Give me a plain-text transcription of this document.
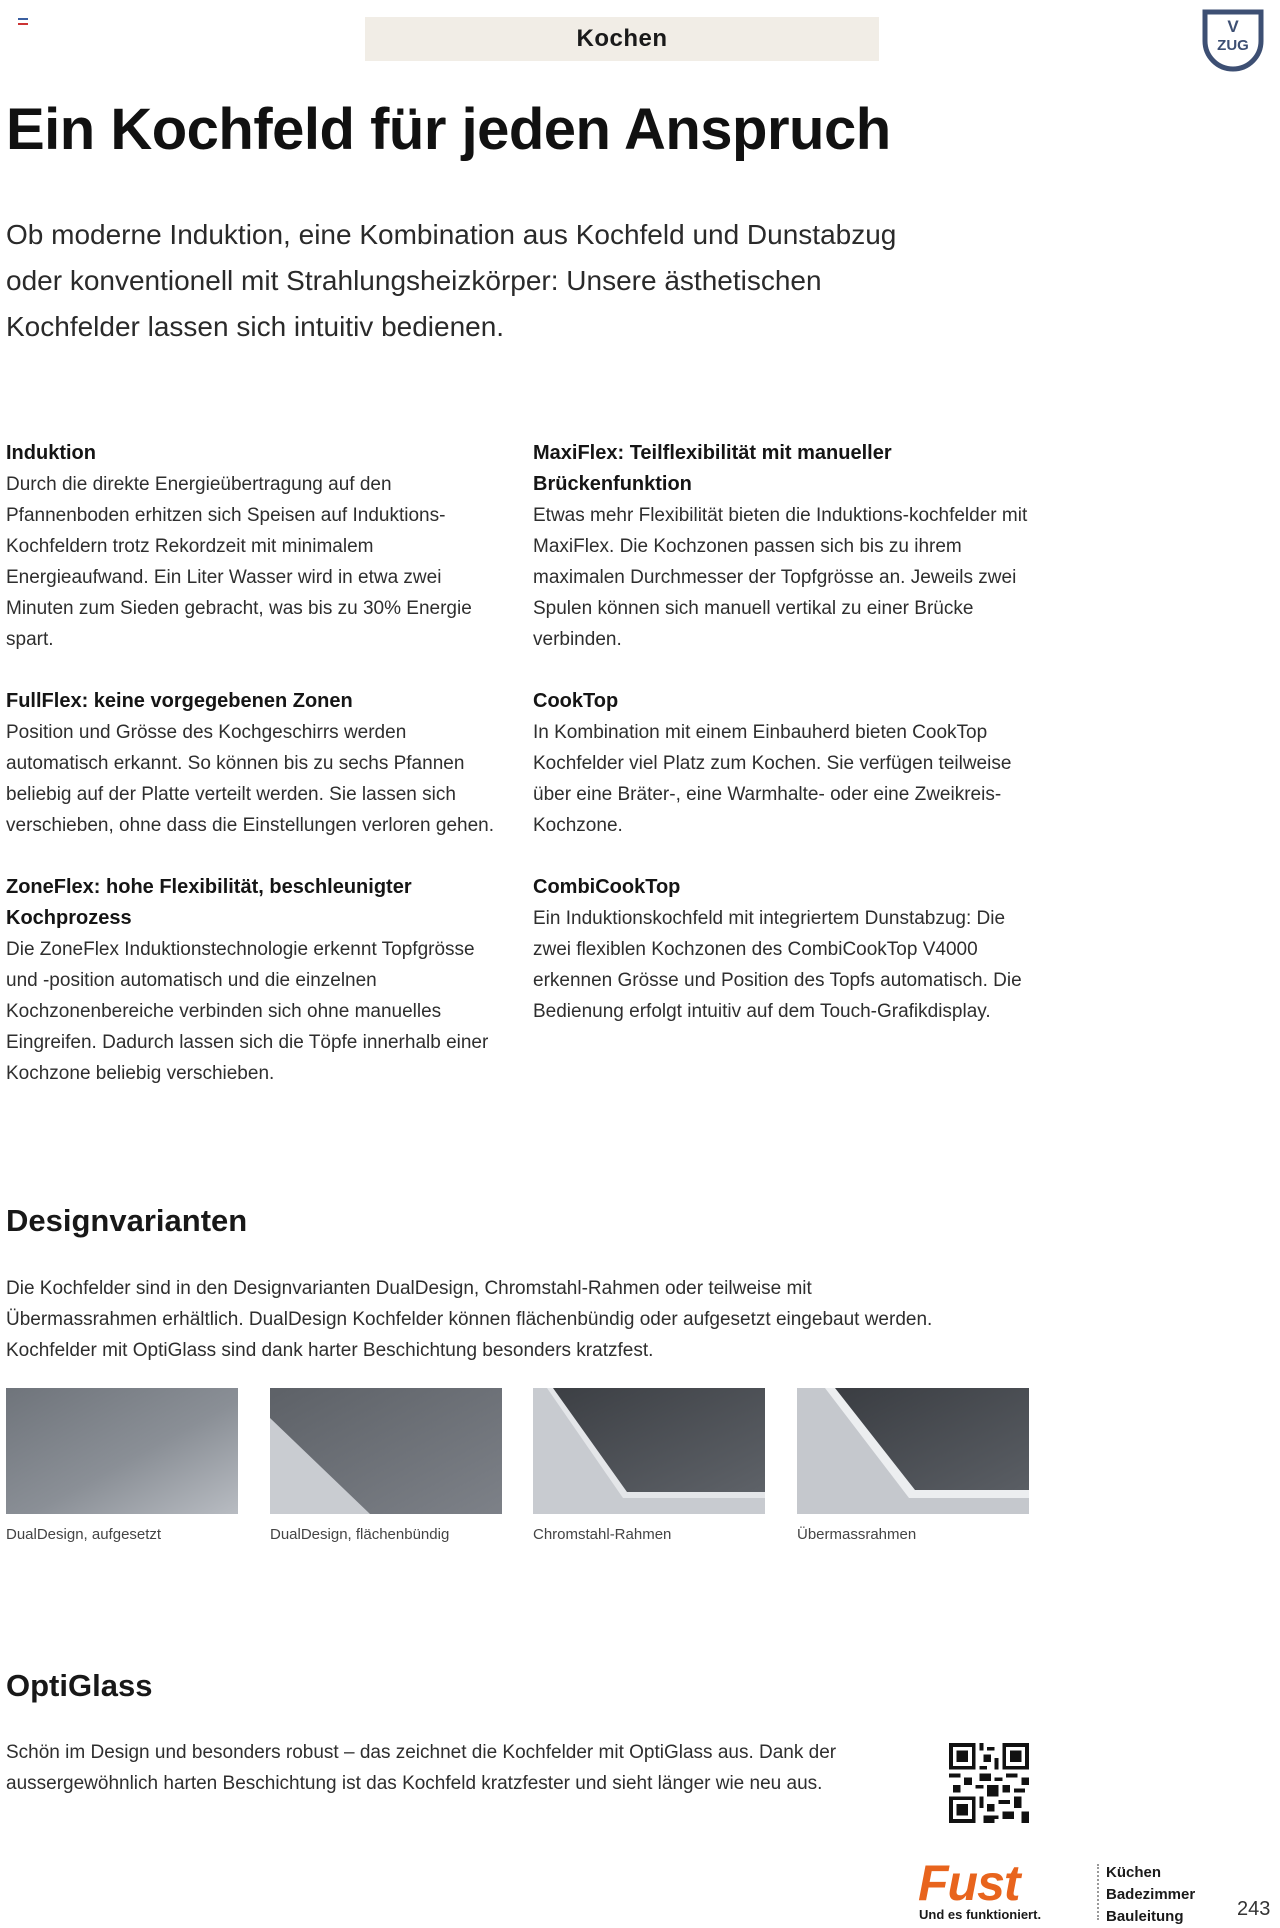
Kochen	V
ZUG
Ein Kochfeld für jeden Anspruch

Ob moderne Induktion, eine Kombination aus Kochfeld und Dunstabzug oder konventionell mit Strahlungsheizkörper: Unsere ästhetischen Kochfelder lassen sich intuitiv bedienen.

Induktion

Durch die direkte Energieübertragung auf den Pfannenboden erhitzen sich Speisen auf Induktions-Kochfeldern trotz Rekordzeit mit minimalem Energieaufwand. Ein Liter Wasser wird in etwa zwei Minuten zum Sieden gebracht, was bis zu 30% Energie spart.

FullFlex: keine vorgegebenen Zonen

Position und Grösse des Kochgeschirrs werden automatisch erkannt. So können bis zu sechs Pfannen beliebig auf der Platte verteilt werden. Sie lassen sich verschieben, ohne dass die Einstellungen verloren gehen.

ZoneFlex: hohe Flexibilität, beschleunigter Kochprozess

Die ZoneFlex Induktionstechnologie erkennt Topfgrösse und -position automatisch und die einzelnen Kochzonenbereiche verbinden sich ohne manuelles Eingreifen. Dadurch lassen sich die Töpfe innerhalb einer Kochzone beliebig verschieben.

MaxiFlex: Teilflexibilität mit manueller Brückenfunktion

Etwas mehr Flexibilität bieten die Induktions-kochfelder mit MaxiFlex. Die Kochzonen passen sich bis zu ihrem maximalen Durchmesser der Topfgrösse an. Jeweils zwei Spulen können sich manuell vertikal zu einer Brücke verbinden.

CookTop

In Kombination mit einem Einbauherd bieten CookTop Kochfelder viel Platz zum Kochen. Sie verfügen teilweise über eine Bräter-, eine Warmhalte- oder eine Zweikreis-Kochzone.

CombiCookTop

Ein Induktionskochfeld mit integriertem Dunstabzug: Die zwei flexiblen Kochzonen des CombiCookTop V4000 erkennen Grösse und Position des Topfs automatisch. Die Bedienung erfolgt intuitiv auf dem Touch-Grafikdisplay.

Designvarianten

Die Kochfelder sind in den Designvarianten DualDesign, Chromstahl-Rahmen oder teilweise mit Übermassrahmen erhältlich. DualDesign Kochfelder können flächenbündig oder aufgesetzt eingebaut werden. Kochfelder mit OptiGlass sind dank harter Beschichtung besonders kratzfest.

DualDesign, aufgesetzt	DualDesign, flächenbündig	Chromstahl-Rahmen	Übermassrahmen
OptiGlass

Schön im Design und besonders robust – das zeichnet die Kochfelder mit OptiGlass aus. Dank der aussergewöhnlich harten Beschichtung ist das Kochfeld kratzfester und sieht länger wie neu aus.

Fust
Und es funktioniert.
Küchen
Badezimmer
Bauleitung	243
